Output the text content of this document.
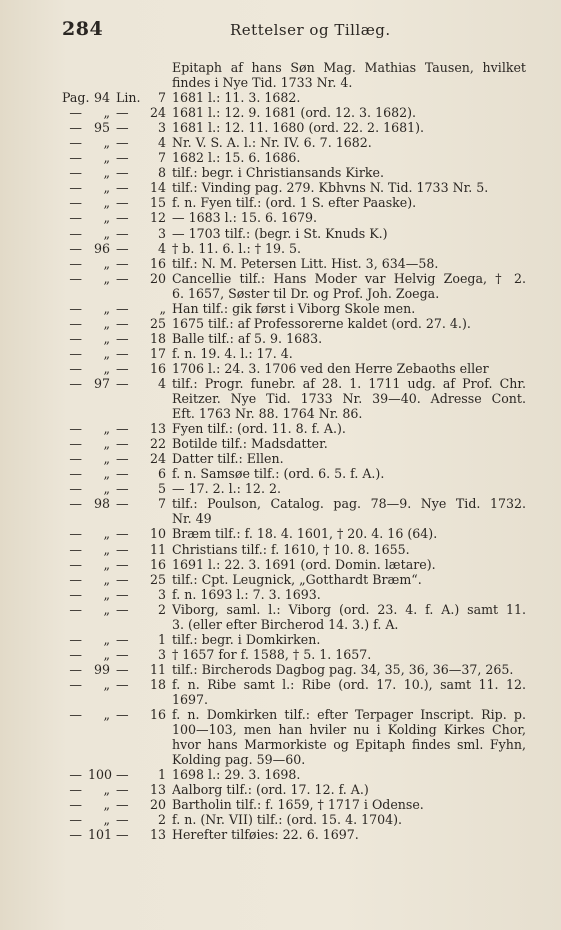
284	Rettelser og Tillæg.
Epitaph af hans Søn Mag. Mathias Tausen, hvilket
findes i Nye Tid. 1733 Nr. 4.
Pag. 94 Lin.	7 1681 l.: 11. 3. 1682.
—	„ —	24 1681 l.: 12. 9. 1681 (ord. 12. 3. 1682).
— 95 —	3 1681 l.: 12. 11. 1680 (ord. 22. 2. 1681).
—	„ —	4 Nr. V. S. A. l.: Nr. IV. 6. 7. 1682.
—	„ —	7 1682 l.: 15. 6. 1686.
—	„ —	8 tilf.: begr. i Christiansands Kirke.
—	„ —	14 tilf.: Vinding pag. 279. Kbhvns N. Tid. 1733 Nr. 5.
—	„ —	15 f. n. Fyen tilf.: (ord. 1 S. efter Paaske).
—	„ —	12 — 1683 l.: 15. 6. 1679.
—	„ —	3 — 1703 tilf.: (begr. i St. Knuds K.)
— 96 —	4 † b. 11. 6. l.: † 19. 5.
—	„ —	16 tilf.: N. M. Petersen Litt. Hist. 3, 634—58.
—	„ —	20 Cancellie tilf.: Hans Moder var Helvig Zoega, † 2.
6. 1657, Søster til Dr. og Prof. Joh. Zoega.
—	„ —	„ Han tilf.: gik først i Viborg Skole men.
—	„ —	25 1675 tilf.: af Professorerne kaldet (ord. 27. 4.).
—	„ —	18 Balle tilf.: af 5. 9. 1683.
—	„ —	17 f. n. 19. 4. l.: 17. 4.
—	„ —	16 1706 l.: 24. 3. 1706 ved den Herre Zebaoths eller
— 97 —	4 tilf.: Progr. funebr. af 28. 1. 1711 udg. af Prof. Chr.
Reitzer. Nye Tid. 1733 Nr. 39—40. Adresse Cont.
Eft. 1763 Nr. 88. 1764 Nr. 86.
—	„ —	13 Fyen tilf.: (ord. 11. 8. f. A.).
—	„ —	22 Botilde tilf.: Madsdatter.
—	„ —	24 Datter tilf.: Ellen.
—	„ —	6 f. n. Samsøe tilf.: (ord. 6. 5. f. A.).
—	„ —	5 — 17. 2. l.: 12. 2.
— 98 —	7 tilf.: Poulson, Catalog. pag. 78—9. Nye Tid. 1732.
Nr. 49
—	„ —	10 Bræm tilf.: f. 18. 4. 1601, † 20. 4. 16 (64).
—	„ —	11 Christians tilf.: f. 1610, † 10. 8. 1655.
—	„ —	16 1691 l.: 22. 3. 1691 (ord. Domin. lætare).
—	„ —	25 tilf.: Cpt. Leugnick, „Gotthardt Bræm“.
—	„ —	3 f. n. 1693 l.: 7. 3. 1693.
—	„ —	2 Viborg, saml. l.: Viborg (ord. 23. 4. f. A.) samt 11.
3. (eller efter Bircherod 14. 3.) f. A.
—	„ —	1 tilf.: begr. i Domkirken.
—	„ —	3 † 1657 for f. 1588, † 5. 1. 1657.
— 99 —	11 tilf.: Bircherods Dagbog pag. 34, 35, 36, 36—37, 265.
—	„ —	18 f. n. Ribe samt l.: Ribe (ord. 17. 10.), samt 11. 12.
1697.
—	„ —	16 f. n. Domkirken tilf.: efter Terpager Inscript. Rip. p.
100—103, men han hviler nu i Kolding Kirkes Chor,
hvor hans Marmorkiste og Epitaph findes sml. Fyhn,
Kolding pag. 59—60.
— 100 —	1 1698 l.: 29. 3. 1698.
—	„ —	13 Aalborg tilf.: (ord. 17. 12. f. A.)
—	„ —	20 Bartholin tilf.: f. 1659, † 1717 i Odense.
—	„ —	2 f. n. (Nr. VII) tilf.: (ord. 15. 4. 1704).
— 101 —	13 Herefter tilføies: 22. 6. 1697.
